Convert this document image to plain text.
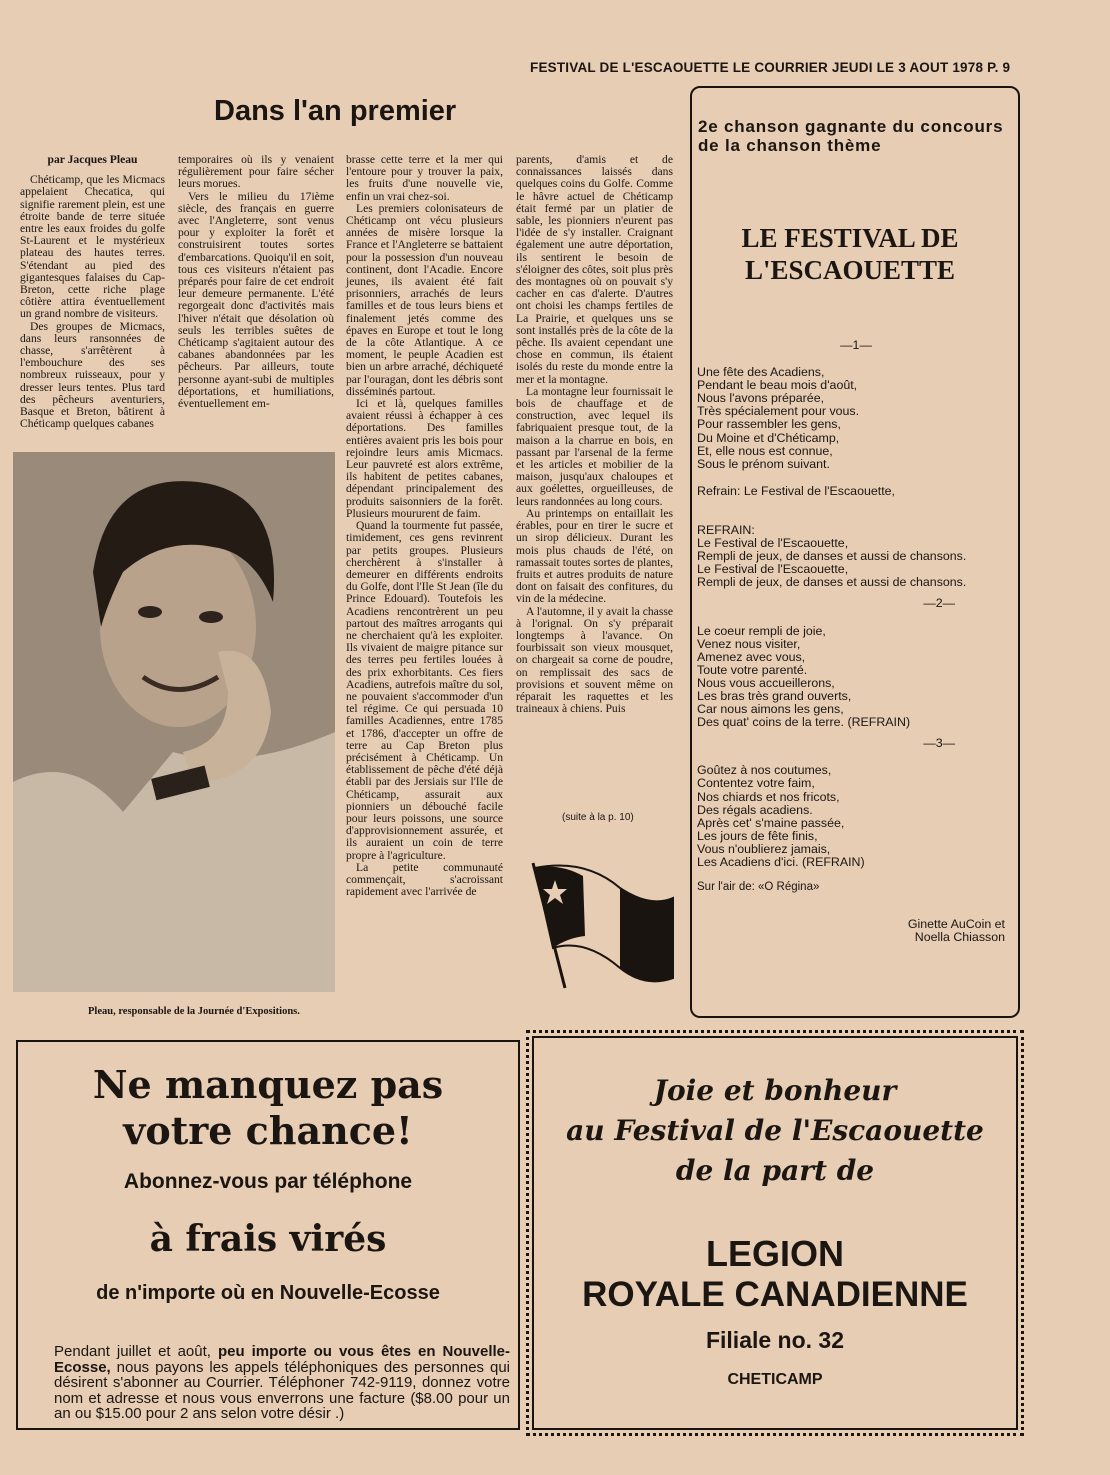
FESTIVAL DE L'ESCAOUETTE LE COURRIER JEUDI LE 3 AOUT 1978 P. 9
Dans l'an premier

par Jacques Pleau

Chéticamp, que les Micmacs appelaient Checatica, qui signifie rarement plein, est une étroite bande de terre située entre les eaux froides du golfe St-Laurent et le mystérieux plateau des hautes terres. S'étendant au pied des gigantesques falaises du Cap-Breton, cette riche plage côtière attira éventuellement un grand nombre de visiteurs.

Des groupes de Micmacs, dans leurs ransonnées de chasse, s'arrêtèrent à l'embouchure des ses nombreux ruisseaux, pour y dresser leurs tentes. Plus tard des pêcheurs aventuriers, Basque et Breton, bâtirent à Chéticamp quelques cabanes

temporaires où ils y venaient régulièrement pour faire sécher leurs morues.

Vers le milieu du 17ième siècle, des français en guerre avec l'Angleterre, sont venus pour y exploiter la forêt et construisirent toutes sortes d'embarcations. Quoiqu'il en soit, tous ces visiteurs n'étaient pas préparés pour faire de cet endroit leur demeure permanente. L'été regorgeait donc d'activités mais l'hiver n'était que désolation où seuls les terribles suêtes de Chéticamp s'agitaient autour des cabanes abandonnées par les pêcheurs. Par ailleurs, toute personne ayant-subi de multiples déportations, et humiliations, éventuellement em-

brasse cette terre et la mer qui l'entoure pour y trouver la paix, les fruits d'une nouvelle vie, enfin un vrai chez-soi.

Les premiers colonisateurs de Chéticamp ont vécu plusieurs années de misère lorsque la France et l'Angleterre se battaient pour la possession d'un nouveau continent, dont l'Acadie. Encore jeunes, ils avaient été fait prisonniers, arrachés de leurs familles et de tous leurs biens et finalement jetés comme des épaves en Europe et tout le long de la côte Atlantique. A ce moment, le peuple Acadien est bien un arbre arraché, déchiqueté par l'ouragan, dont les débris sont disséminés partout.

Ici et là, quelques familles avaient réussi à échapper à ces déportations. Des familles entières avaient pris les bois pour rejoindre leurs amis Micmacs. Leur pauvreté est alors extrême, ils habitent de petites cabanes, dépendant principalement des produits saisonniers de la forêt. Plusieurs moururent de faim.

Quand la tourmente fut passée, timidement, ces gens revinrent par petits groupes. Plusieurs cherchèrent à s'installer à demeurer en différents endroits du Golfe, dont l'Ile St Jean (île du Prince Edouard). Toutefois les Acadiens rencontrèrent un peu partout des maîtres arrogants qui ne cherchaient qu'à les exploiter. Ils vivaient de maigre pitance sur des terres peu fertiles louées à des prix exhorbitants. Ces fiers Acadiens, autrefois maître du sol, ne pouvaient s'accommoder d'un tel régime. Ce qui persuada 10 familles Acadiennes, entre 1785 et 1786, d'accepter un offre de terre au Cap Breton plus précisément à Chéticamp. Un établissement de pêche d'été déjà établi par des Jersiais sur l'Ile de Chéticamp, assurait aux pionniers un débouché facile pour leurs poissons, une source d'approvisionnement assurée, et ils auraient un coin de terre propre à l'agriculture.

La petite communauté commençait, s'acroissant rapidement avec l'arrivée de

parents, d'amis et de connaissances laissés dans quelques coins du Golfe. Comme le hâvre actuel de Chéticamp était fermé par un platier de sable, les pionniers n'eurent pas l'idée de s'y installer. Craignant également une autre déportation, ils sentirent le besoin de s'éloigner des côtes, soit plus près des montagnes où on pouvait s'y cacher en cas d'alerte. D'autres ont choisi les champs fertiles de La Prairie, et quelques uns se sont installés près de la côte de la pêche. Ils avaient cependant une chose en commun, ils étaient isolés du reste du monde entre la mer et la montagne.

La montagne leur fournissait le bois de chauffage et de construction, avec lequel ils fabriquaient presque tout, de la maison a la charrue en bois, en passant par l'arsenal de la ferme et les articles et mobilier de la maison, jusqu'aux chaloupes et aux goélettes, orgueilleuses, de leurs randonnées au long cours.

Au printemps on entaillait les érables, pour en tirer le sucre et un sirop délicieux. Durant les mois plus chauds de l'été, on ramassait toutes sortes de plantes, fruits et autres produits de nature dont on faisait des confitures, du vin de la médecine.

A l'automne, il y avait la chasse à l'orignal. On s'y préparait longtemps à l'avance. On fourbissait son vieux mousquet, on chargeait sa corne de poudre, on remplissait des sacs de provisions et souvent même on réparait les raquettes et les traineaux à chiens. Puis

Pleau, responsable de la Journée d'Expositions.
(suite à la p. 10)
2e chanson gagnante du concours de la chanson thème
LE FESTIVAL DE
L'ESCAOUETTE
—1—
Une fête des Acadiens,
Pendant le beau mois d'août,
Nous l'avons préparée,
Très spécialement pour vous.
Pour rassembler les gens,
Du Moine et d'Chéticamp,
Et, elle nous est connue,
Sous le prénom suivant.
Refrain: Le Festival de l'Escaouette,
REFRAIN:
Le Festival de l'Escaouette,
Rempli de jeux, de danses et aussi de chansons.
Le Festival de l'Escaouette,
Rempli de jeux, de danses et aussi de chansons.
—2—
Le coeur rempli de joie,
Venez nous visiter,
Amenez avec vous,
Toute votre parenté.
Nous vous accueillerons,
Les bras très grand ouverts,
Car nous aimons les gens,
Des quat' coins de la terre. (REFRAIN)
—3—
Goûtez à nos coutumes,
Contentez votre faim,
Nos chiards et nos fricots,
Des régals acadiens.
Après cet' s'maine passée,
Les jours de fête finis,
Vous n'oublierez jamais,
Les Acadiens d'ici. (REFRAIN)
Sur l'air de: «O Régina»
Ginette AuCoin et
Noella Chiasson
Ne manquez pas
votre chance!
Abonnez-vous par téléphone
à frais virés
de n'importe où en Nouvelle-Ecosse
Pendant juillet et août, peu importe ou vous êtes en Nouvelle-Ecosse, nous payons les appels téléphoniques des personnes qui désirent s'abonner au Courrier. Téléphoner 742-9119, donnez votre nom et adresse et nous vous enverrons une facture ($8.00 pour un an ou $15.00 pour 2 ans selon votre désir .)
Joie et bonheur
au Festival de l'Escaouette
de la part de
LEGION
ROYALE CANADIENNE
Filiale no. 32
CHETICAMP
